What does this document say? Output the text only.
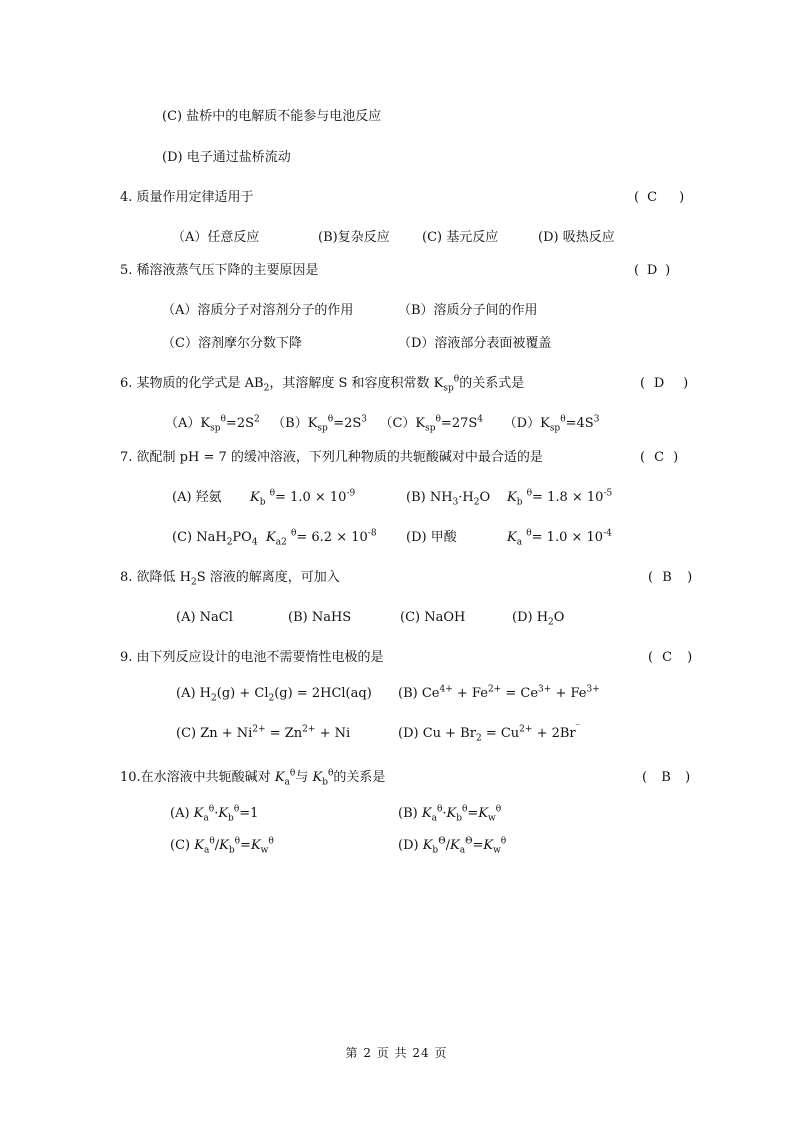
(C) 盐桥中的电解质不能参与电池反应
(D) 电子通过盐桥流动
4. 质量作用定律适用于	( C )
（A）任意反应	(B)复杂反应 (C) 基元反应	(D) 吸热反应
5. 稀溶液蒸气压下降的主要原因是	( D )
（A）溶质分子对溶剂分子的作用	（B）溶质分子间的作用
（C）溶剂摩尔分数下降	（D）溶液部分表面被覆盖
6. 某物质的化学式是 $AB_2$，其溶解度 S 和容度积常数 $K_{sp}^\theta$的关系式是	( D )
$(A)K_{sp}^\theta=2S^2$ $(B)K_{sp}^\theta=2S^3$ $(C)K_{sp}^\theta=27S^4$ $(D)K_{sp}^\theta=4S^3$
7. 欲配制 pH = 7 的缓冲溶液，下列几种物质的共轭酸碱对中最合适的是	( C )
(A) 羟氨 $K_b$ $^\theta= 1.0 \times 10^{-9}$	(B) $NH_3\cdot H_2O$ $K_b$ $^\theta= 1.8 \times 10^{-5}$
(C) $NaH_2PO_4$ $K_{a2}$ $^\theta= 6.2 \times 10^{-8}$ (D) 甲酸	$K_a$ $^\theta= 1.0 \times 10^{-4}$
8. 欲降低 $H_2S$ 溶液的解离度，可加入	( B )
(A) NaCl	(B) NaHS	(C) NaOH	(D) $H_2O$
9. 由下列反应设计的电池不需要惰性电极的是	( C )
(A) $H_2(g) + Cl_2(g) = 2HCl(aq)$ (B) $Ce^{4+} + Fe^{2+} = Ce^{3+} + Fe^{3+}$
(C) $Zn + Ni^{2+} = Zn^{2+} + Ni$	(D) $Cu + Br_2 = Cu^{2+} + 2Br^‾$
10.在水溶液中共轭酸碱对 $K_a^\theta$与 $K_b^\theta$的关系是	( B )
(A) $K_a^\theta\cdot K_b^\theta=1$	(B) $K_a^\theta\cdot K_b^\theta=K_w^\theta$
(C) $K_a^\theta/K_b^\theta=K_w^\theta$	(D) $K_b^\Theta/K_a^\Theta=K_w^\theta$
第 2 页 共 24 页
